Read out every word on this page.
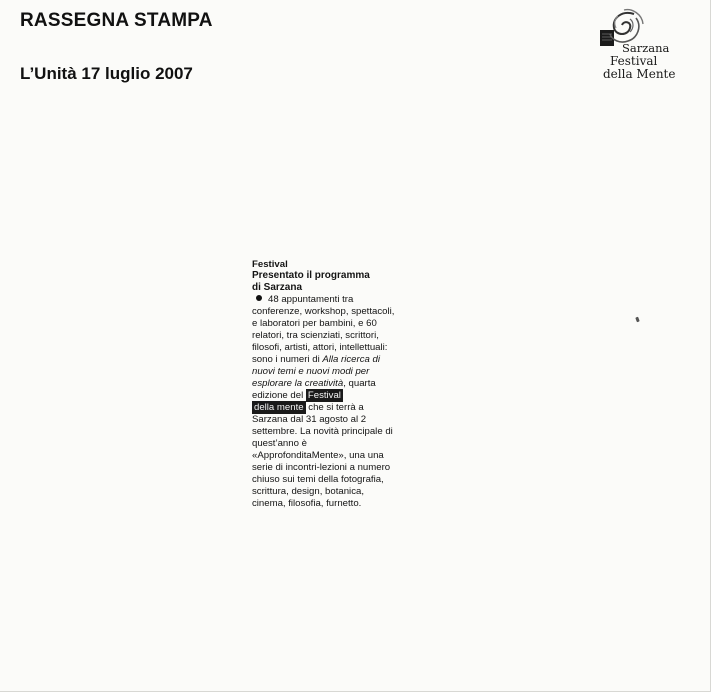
RASSEGNA STAMPA
L’Unità 17 luglio 2007
Sarzana
Festival
della Mente
Festival
Presentato il programma
di Sarzana

48 appuntamenti tra conferenze, workshop, spettacoli, e laboratori per bambini, e 60 relatori, tra scienziati, scrittori, filosofi, artisti, attori, intellettuali: sono i numeri di Alla ricerca di nuovi temi e nuovi modi per esplorare la creatività, quarta edizione del Festival
della mente che si terrà a Sarzana dal 31 agosto al 2 settembre. La novità principale di quest’anno è «ApprofonditaMente», una una serie di incontri-lezioni a numero chiuso sui temi della fotografia, scrittura, design, botanica, cinema, filosofia, furnetto.
